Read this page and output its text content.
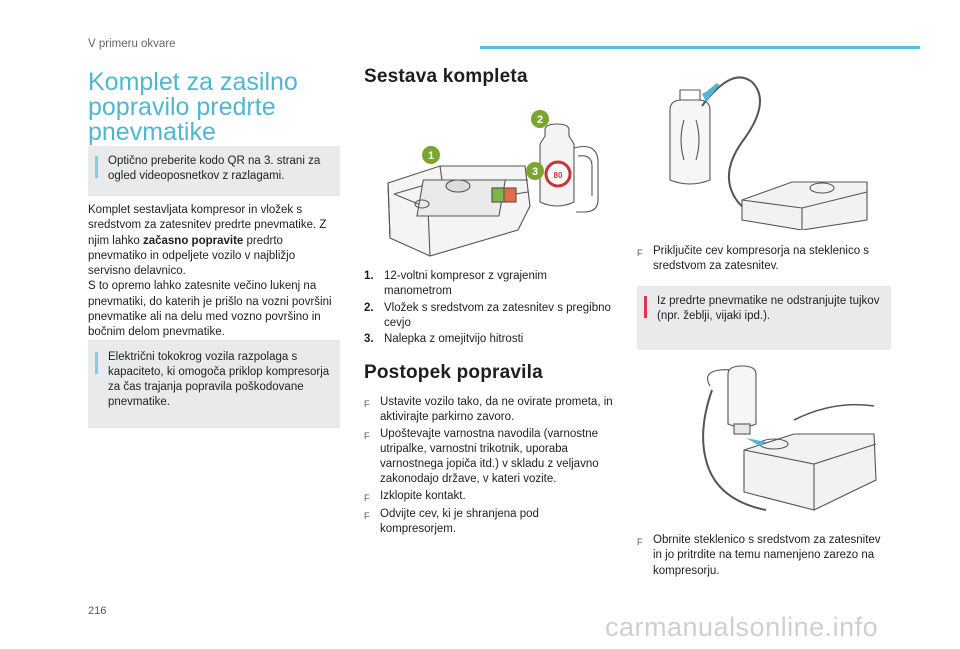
V primeru okvare
Komplet za zasilno popravilo predrte pnevmatike
Optično preberite kodo QR na 3. strani za ogled videoposnetkov z razlagami.
Komplet sestavljata kompresor in vložek s sredstvom za zatesnitev predrte pnevmatike. Z njim lahko začasno popravite predrto pnevmatiko in odpeljete vozilo v najbližjo servisno delavnico.
S to opremo lahko zatesnite večino lukenj na pnevmatiki, do katerih je prišlo na vozni površini pnevmatike ali na delu med vozno površino in bočnim delom pnevmatike.
Električni tokokrog vozila razpolaga s kapaciteto, ki omogoča priklop kompresorja za čas trajanja popravila poškodovane pnevmatike.
Sestava kompleta
80
1
2
3
1. 12-voltni kompresor z vgrajenim manometrom
2. Vložek s sredstvom za zatesnitev s pregibno cevjo
3. Nalepka z omejitvijo hitrosti
Postopek popravila
F Ustavite vozilo tako, da ne ovirate prometa, in aktivirajte parkirno zavoro.
F Upoštevajte varnostna navodila (varnostne utripalke, varnostni trikotnik, uporaba varnostnega jopiča itd.) v skladu z veljavno zakonodajo države, v kateri vozite.
F Izklopite kontakt.
F Odvijte cev, ki je shranjena pod kompresorjem.
F Priključite cev kompresorja na steklenico s sredstvom za zatesnitev.
Iz predrte pnevmatike ne odstranjujte tujkov (npr. žeblji, vijaki ipd.).
F Obrnite steklenico s sredstvom za zatesnitev in jo pritrdite na temu namenjeno zarezo na kompresorju.
216
carmanualsonline.info
